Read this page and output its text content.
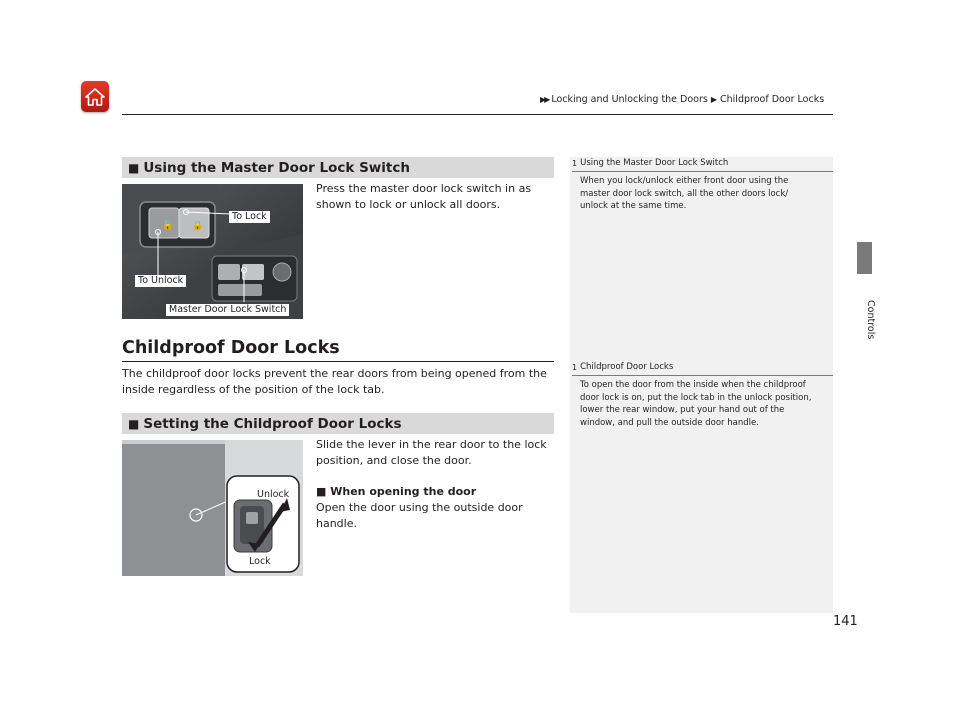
▶▶ Locking and Unlocking the Doors ▶ Childproof Door Locks
Controls
■ Using the Master Door Lock Switch
🔓 🔒
To Lock
To Unlock
Master Door Lock Switch
Press the master door lock switch in as shown to lock or unlock all doors.
Childproof Door Locks
The childproof door locks prevent the rear doors from being opened from the inside regardless of the position of the lock tab.
■ Setting the Childproof Door Locks
Unlock
Lock
Slide the lever in the rear door to the lock position, and close the door.
■ When opening the door
Open the door using the outside door handle.
1 Using the Master Door Lock Switch
When you lock/unlock either front door using the master door lock switch, all the other doors lock/ unlock at the same time.
1 Childproof Door Locks
To open the door from the inside when the childproof door lock is on, put the lock tab in the unlock position, lower the rear window, put your hand out of the window, and pull the outside door handle.
141
